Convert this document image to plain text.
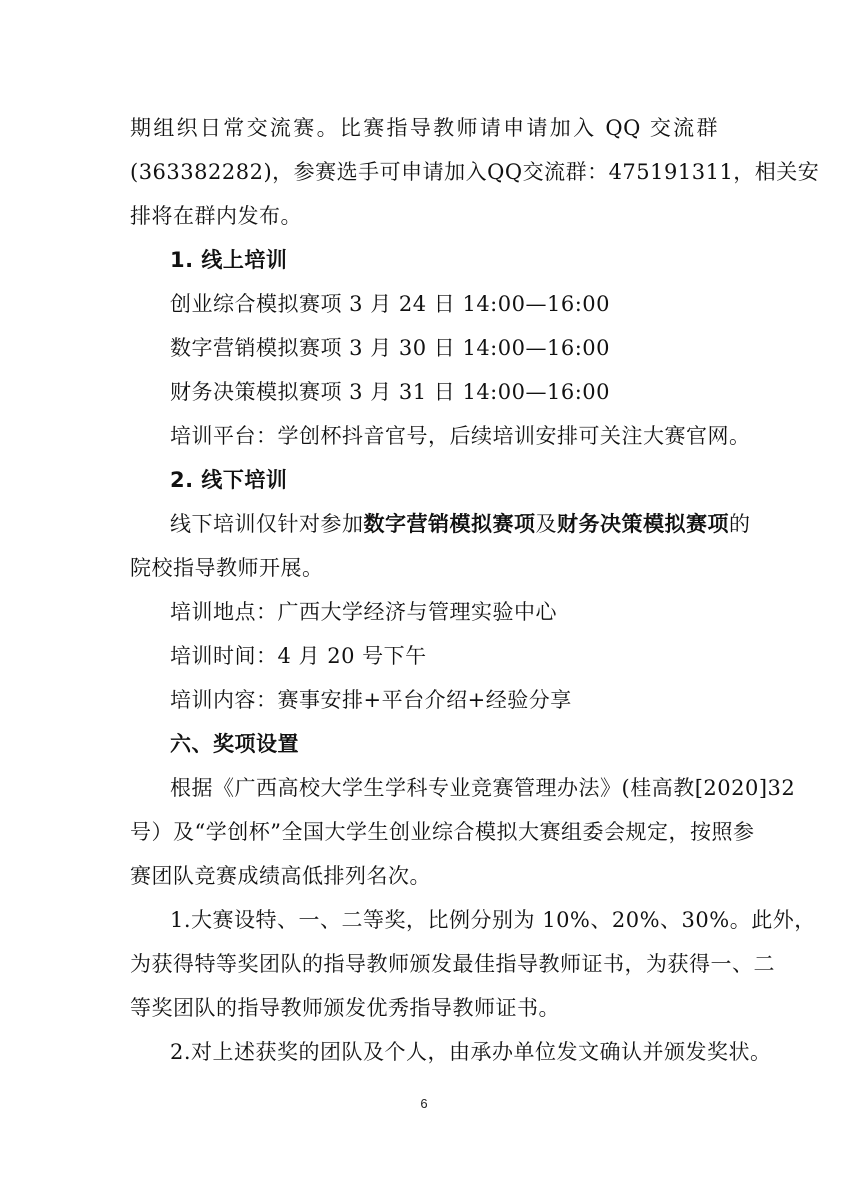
期组织日常交流赛。比赛指导教师请申请加入 QQ 交流群
(363382282)，参赛选手可申请加入QQ交流群：475191311，相关安
排将在群内发布。
1. 线上培训
创业综合模拟赛项 3 月 24 日 14:00—16:00
数字营销模拟赛项 3 月 30 日 14:00—16:00
财务决策模拟赛项 3 月 31 日 14:00—16:00
培训平台：学创杯抖音官号，后续培训安排可关注大赛官网。
2. 线下培训
线下培训仅针对参加数字营销模拟赛项及财务决策模拟赛项的
院校指导教师开展。
培训地点：广西大学经济与管理实验中心
培训时间：4 月 20 号下午
培训内容：赛事安排+平台介绍+经验分享
六、奖项设置
根据《广西高校大学生学科专业竞赛管理办法》(桂高教[2020]32
号）及“学创杯”全国大学生创业综合模拟大赛组委会规定，按照参
赛团队竞赛成绩高低排列名次。
1.大赛设特、一、二等奖，比例分别为 10%、20%、30%。此外，
为获得特等奖团队的指导教师颁发最佳指导教师证书，为获得一、二
等奖团队的指导教师颁发优秀指导教师证书。
2.对上述获奖的团队及个人，由承办单位发文确认并颁发奖状。
6
